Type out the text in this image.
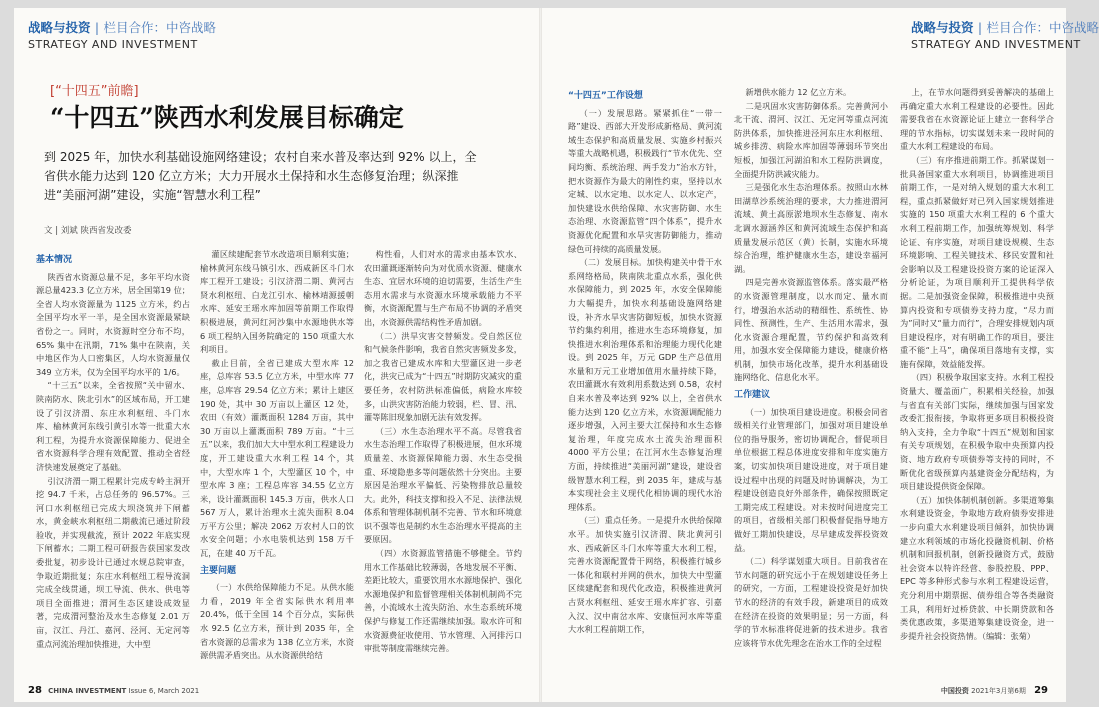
战略与投资 | 栏目合作：中咨战略
STRATEGY AND INVESTMENT
战略与投资 | 栏目合作：中咨战略
STRATEGY AND INVESTMENT
[“十四五”前瞻]
“十四五”陕西水利发展目标确定
到 2025 年，加快水利基础设施网络建设；农村自来水普及率达到 92% 以上，全省供水能力达到 120 亿立方米；大力开展水土保持和水生态修复治理；纵深推进“美丽河湖”建设，实施“智慧水利工程”
文 | 刘斌 陕西省发改委

基本情况

陕西省水资源总量不足，多年平均水资源总量423.3 亿立方米，居全国第19 位；全省人均水资源量为 1125 立方米，约占全国平均水平一半，是全国水资源最紧缺省份之一。同时，水资源时空分布不均，65% 集中在汛期，71% 集中在陕南，关中地区作为人口密集区，人均水资源量仅 349 立方米，仅为全国平均水平的 1/6。

“十三五”以来，全省按照“关中留水、陕南防水、陕北引水”的区域布局，开工建设了引汉济渭、东庄水利枢纽、斗门水库、榆林黄河东线引黄引水等一批重大水利工程，为提升水资源保障能力、促进全省水资源科学合理有效配置、推动全省经济快速发展奠定了基础。

引汉济渭一期工程累计完成专岭主洞开挖 94.7 千米，占总任务的 96.57%。三河口水利枢纽已完成大坝浇筑并下闸蓄水，黄金峡水利枢纽二期截流已通过阶段验收，并实现截流，预计 2022 年底实现下闸蓄水；二期工程可研报告获国家发改委批复，初步设计已通过水规总院审查，争取近期批复；东庄水利枢纽工程导流洞完成全线贯通，坝工导流、供水、供电等项目全面推进；渭河生态区建设成效显著，完成渭河整治及水生态修复 2.01 万亩，汉江、丹江、嘉河、泾河、无定河等重点河流治理加快推进，大中型

灌区续建配套节水改造项目顺利实施；榆林黄河东线马镇引水、西咸新区斗门水库工程开工建设；引汉济渭二期、黄河古贤水利枢纽、白龙江引水、榆林靖源援朝水库、延安王瑶水库加固等前期工作取得积极进展，黄河红河沙集中水源地供水等 6 项工程纳入国务院确定的 150 项重大水利项目。

截止目前，全省已建成大型水库 12 座，总库容 53.5 亿立方米，中型水库 77 座，总库容 29.54 亿立方米；累计上建区 190 处，其中 30 万亩以上灌区 12 处，农田（有效）灌溉面积 1284 万亩，其中 30 万亩以上灌溉面积 789 万亩。“十三五”以来，我们加大大中型水利工程建设力度，开工建设重大水利工程 14 个，其中，大型水库 1 个，大型灌区 10 个，中型水库 3 座；工程总库容 34.55 亿立方米，设计灌溉面积 145.3 万亩，供水人口 567 万人，累计治理水土流失面积 8.04 万平方公里；解决 2062 万农村人口的饮水安全问题；小水电装机达到 158 万千瓦，在建 40 万千瓦。

主要问题

（一）水供给保障能力不足。从供水能力看，2019 年全省实际供水利用率 20.4%，低于全国 14 个百分点，实际供水 92.5 亿立方米，预计到 2035 年，全省水资源的总需求为 138 亿立方米，水资源供需矛盾突出。从水资源供给结

构性看，人们对水的需求由基本饮水、农田灌溉逐渐转向为对优质水资源、健康水生态、宜居水环境的迫切需要，生活生产生态用水需求与水资源水环境承载能力不平衡，水资源配置与生产布局不协调的矛盾突出，水资源供需结构性矛盾加剧。

（二）洪旱灾害交替频发。受自然区位和气候条件影响，我省自然灾害频发多发，加之我省已建成水库和大型灌区进一步老化，洪灾已成为“十四五”时期防灾减灾的重要任务，农村防洪标准偏低，病险水库较多，山洪灾害防治能力较弱，栏、冒、汛、灌等陈旧现象加剧无法有效发挥。

（三）水生态治理水平不高。尽管我省水生态治理工作取得了积极进展，但水环境质量差、水资源保障能力弱、水生态受损重、环境隐患多等问题依然十分突出。主要原因是治理水平偏低、污染物排放总量较大。此外，科技支撑和投入不足、法律法规体系和管理体制机制不完善、节水和环境意识不强等也是制约水生态治理水平提高的主要原因。

（四）水资源监管措施不够健全。节约用水工作基础比较薄弱，各地发展不平衡、差距比较大，重要饮用水水源地保护、强化水源地保护和监督管理相关体制机制尚不完善，小流域水土流失防治、水生态系统环境保护与修复工作还需继续加强。取水许可和水资源费征收使用、节水管理、入河排污口审批等制度需继续完善。

“十四五”工作设想

（一）发展思路。紧紧抓住“一带一路”建设、西部大开发形成新格局、黄河流域生态保护和高质量发展、实施乡村振兴等重大战略机遇，积极践行“节水优先、空间均衡、系统治理、两手发力”治水方针，把水资源作为最大的刚性约束，坚持以水定城、以水定地、以水定人、以水定产，加快建设水供给保障、水灾害防御、水生态治理、水资源监管“四个体系”，提升水资源优化配置和水旱灾害防御能力，推动绿色可持续的高质量发展。

（二）发展目标。加快构建关中骨干水系网络格局，陕南陕北重点水系，强化供水保障能力，到 2025 年，水安全保障能力大幅提升，加快水利基础设施网络建设，补齐水旱灾害防御短板，加快水资源节约集约利用，推进水生态环境修复，加快推进水利治理体系和治理能力现代化建设。到 2025 年，万元 GDP 生产总值用水量和万元工业增加值用水量持续下降，农田灌溉水有效利用系数达到 0.58，农村自来水普及率达到 92% 以上，全省供水能力达到 120 亿立方米，水资源调配能力逐步增强，入河主要大江保持和水生态修复治理，年度完成水土流失治理面积 4000 平方公里；在江河水生态修复治理方面，持续推进“美丽河湖”建设，建设省级智慧水利工程，到 2035 年，建成与基本实现社会主义现代化相协调的现代水治理体系。

（三）重点任务。一是提升水供给保障水平。加快实施引汉济渭、陕北黄河引水、西咸新区斗门水库等重大水利工程，完善水资源配置骨干网络，积极推行城乡一体化和联村并网的供水，加快大中型灌区续建配套和现代化改造，积极推进黄河古贤水利枢纽、延安王瑶水库扩容、引嘉入汉、汉中南岔水库、安康恒河水库等重大水利工程前期工作，

新增供水能力 12 亿立方米。

二是巩固水灾害防御体系。完善黄河小北干流、渭河、汉江、无定河等重点河流防洪体系，加快推进泾河东庄水利枢纽、城乡排涝、病险水库加固等薄弱环节突出短板，加强江河湖泊和水工程防洪调度，全面提升防洪减灾能力。

三是强化水生态治理体系。按照山水林田湖草沙系统治理的要求，大力推进渭河流域、黄土高原淤地坝水生态修复、南水北调水源涵养区和黄河流域生态保护和高质量发展示范区（黄）长制，实施水环境综合治理，维护健康水生态，建设幸福河湖。

四是完善水资源监管体系。落实最严格的水资源管理制度，以水而定、量水而行，增强治水活动的精细性、系统性、协同性、预测性，生产、生活用水需求，强化水资源合理配置，节约保护和高效利用，加强水安全保障能力建设，健康价格机制，加快市场化改革，提升水利基础设施网络化、信息化水平。

工作建议

（一）加快项目建设进度。积极会同省级相关行业管理部门，加强对项目建设单位的指导服务，密切协调配合，督促项目单位根据工程总体进度安排和年度实施方案，切实加快项目建设进度，对于项目建设过程中出现的问题及时协调解决，为工程建设创造良好外部条件，确保按照既定工期完成工程建设。对未按时间进度完工的项目，省级相关部门积极督促指导地方做好工期加快建设，尽早建成发挥投资效益。

（二）科学谋划重大项目。目前我省在节水问题的研究远小于在规划建设任务上的研究，一方面，工程建设投资是好加快节水的经济的有效手段，新建项目的成效在经济在投资的效果明显；另一方面，科学的节水标准将促进新的技术进步。我省应该将节水优先理念在治水工作的全过程

上，在节水问题得到妥善解决的基础上再确定重大水利工程建设的必要性。因此需要我省在水资源论证上建立一套科学合理的节水指标，切实谋划未来一段时间的重大水利工程建设的布局。

（三）有序推进前期工作。抓紧谋划一批具备国家重大水利项目，协调推进项目前期工作，一是对纳入规划的重大水利工程，重点抓紧做好对已列入国家规划推进实施的 150 项重大水利工程的 6 个重大水利工程前期工作，加强统筹规划、科学论证、有序实施，对项目建设规模、生态环境影响、工程关键技术、移民安置和社会影响以及工程建设投资方案的论证深入分析论证，为项目顺利开工提供科学依据。二是加强资金保障，积极推进中央预算内投资和专项债券支持力度，“尽力而为”同时又“量力而行”，合理安排规划内项目建设程序，对有明确工作的项目，要注重不能“上马”，确保项目落地有支撑，实施有保障，效益能发挥。

（四）积极争取国家支持。水利工程投资量大、覆盖面广，积累相关经验，加强与省直有关部门实际，继续加强与国家发改委汇报衔接，争取将更多项目积极投资纳入支持，全力争取“十四五”规划和国家有关专项规划，在积极争取中央预算内投资、地方政府专项债券等支持的同时，不断优化省级预算内基建资金分配结构，为项目建设提供资金保障。

（五）加快体制机制创新。多渠道筹集水利建设资金，争取地方政府债券安排进一步向重大水利建设项目倾斜，加快协调建立水利领域的市场化投融资机制、价格机制和回报机制，创新投融资方式，鼓励社会资本以特许经营、参股控股、PPP、EPC 等多种形式参与水利工程建设运营，充分利用中期票据、债券组合等各类融资工具，利用好过桥贷款、中长期贷款和各类优惠政策，多渠道筹集建设资金，进一步提升社会投资热情。（编辑：张菊）

28 CHINA INVESTMENT Issue 6, March 2021	中国投资 2021年3月第6期 29
